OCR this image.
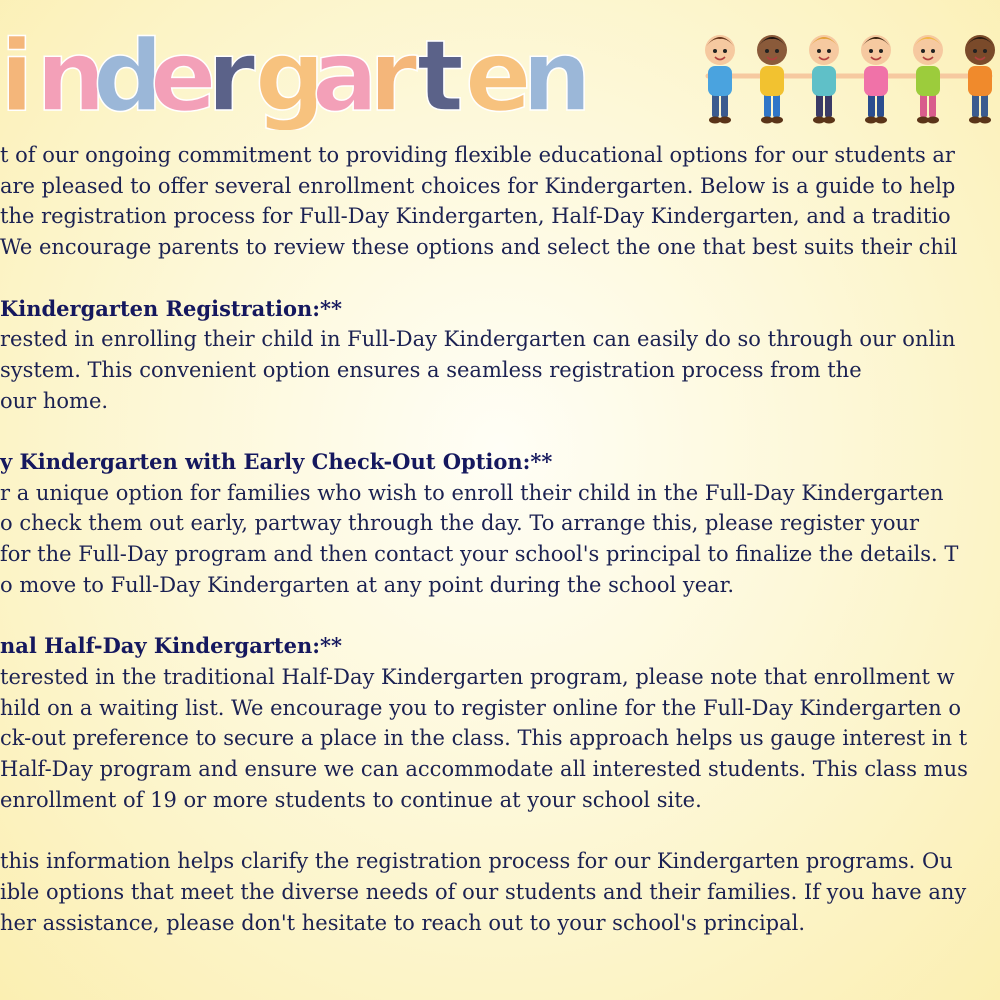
i n
d
e
r g
a
r t e
n

t of our ongoing commitment to providing flexible educational options for our students ar

are pleased to offer several enrollment choices for Kindergarten. Below is a guide to help

the registration process for Full-Day Kindergarten, Half-Day Kindergarten, and a traditio

We encourage parents to review these options and select the one that best suits their chil

Kindergarten Registration:**

rested in enrolling their child in Full-Day Kindergarten can easily do so through our onlin

system. This convenient option ensures a seamless registration process from the

our home.

y Kindergarten with Early Check-Out Option:**

r a unique option for families who wish to enroll their child in the Full-Day Kindergarten

o check them out early, partway through the day. To arrange this, please register your

for the Full-Day program and then contact your school's principal to finalize the details. T

o move to Full-Day Kindergarten at any point during the school year.

nal Half-Day Kindergarten:**

terested in the traditional Half-Day Kindergarten program, please note that enrollment w

hild on a waiting list. We encourage you to register online for the Full-Day Kindergarten o

ck-out preference to secure a place in the class. This approach helps us gauge interest in t

Half-Day program and ensure we can accommodate all interested students. This class mus

enrollment of 19 or more students to continue at your school site.

this information helps clarify the registration process for our Kindergarten programs. Ou

ible options that meet the diverse needs of our students and their families. If you have any

her assistance, please don't hesitate to reach out to your school's principal.
